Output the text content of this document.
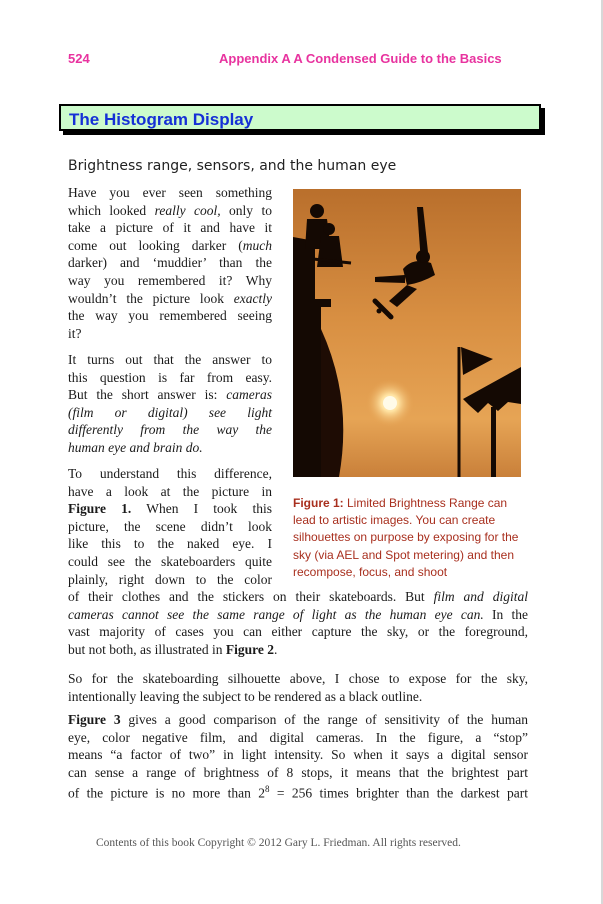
524	Appendix A A Condensed Guide to the Basics
The Histogram Display
Brightness range, sensors, and the human eye
Have you ever seen something
which looked really cool, only to
take a picture of it and have it
come out looking darker (much
darker) and ‘muddier’ than the
way you remembered it? Why
wouldn’t the picture look exactly
the way you remembered seeing
it?
It turns out that the answer to
this question is far from easy.
But the short answer is: cameras
(film or digital) see light
differently from the way the
human eye and brain do.
To understand this difference,
have a look at the picture in
Figure 1. When I took this
picture, the scene didn’t look
like this to the naked eye. I
could see the skateboarders quite
plainly, right down to the color
of their clothes and the stickers on their skateboards. But film and digital
cameras cannot see the same range of light as the human eye can. In the
vast majority of cases you can either capture the sky, or the foreground,
but not both, as illustrated in Figure 2.
So for the skateboarding silhouette above, I chose to expose for the sky,
intentionally leaving the subject to be rendered as a black outline.
Figure 3 gives a good comparison of the range of sensitivity of the human
eye, color negative film, and digital cameras. In the figure, a “stop”
means “a factor of two” in light intensity. So when it says a digital sensor
can sense a range of brightness of 8 stops, it means that the brightest part
of the picture is no more than $2^8 = 256$ times brighter than the darkest part
Figure 1: Limited Brightness Range can lead to artistic images. You can create silhouettes on purpose by exposing for the sky (via AEL and Spot metering) and then recompose, focus, and shoot
Contents of this book Copyright © 2012 Gary L. Friedman. All rights reserved.
